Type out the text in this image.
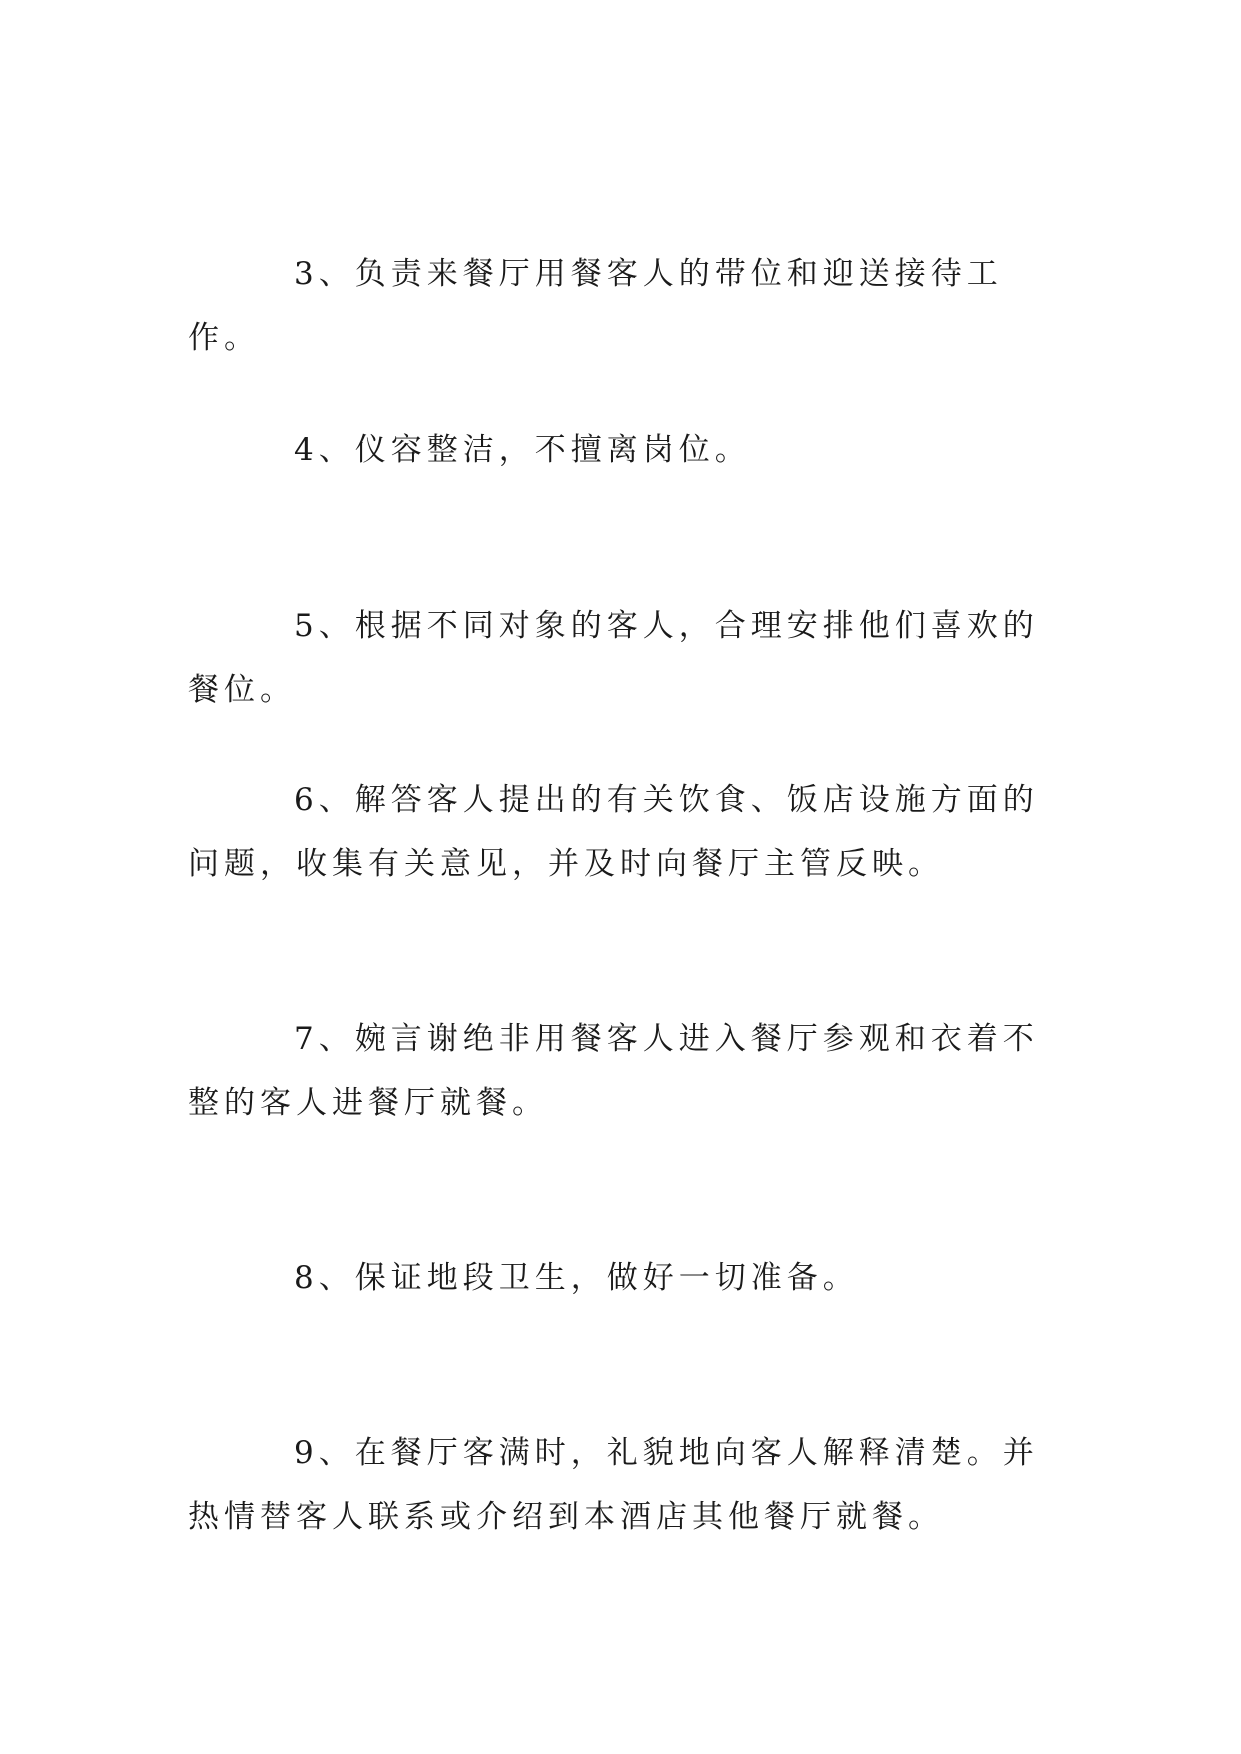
3、负责来餐厅用餐客人的带位和迎送接待工作。

4、仪容整洁，不擅离岗位。

5、根据不同对象的客人，合理安排他们喜欢的餐位。

6、解答客人提出的有关饮食、饭店设施方面的问题，收集有关意见，并及时向餐厅主管反映。

7、婉言谢绝非用餐客人进入餐厅参观和衣着不整的客人进餐厅就餐。

8、保证地段卫生，做好一切准备。

9、在餐厅客满时，礼貌地向客人解释清楚。并热情替客人联系或介绍到本酒店其他餐厅就餐。
